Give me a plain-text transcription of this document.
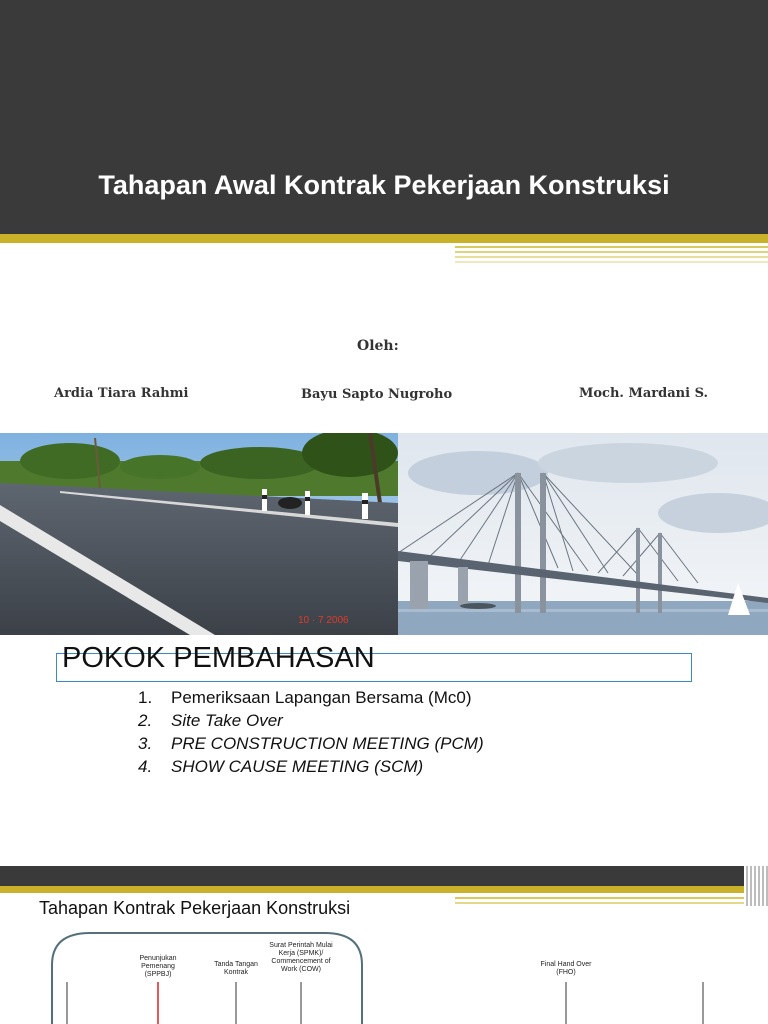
Tahapan Awal Kontrak Pekerjaan Konstruksi
Oleh:
Ardia Tiara Rahmi	Bayu Sapto Nugroho	Moch. Mardani S.
10 · 7 2006
POKOK PEMBAHASAN
1. Pemeriksaan Lapangan Bersama (Mc0)
2. Site Take Over
3. PRE CONSTRUCTION MEETING (PCM)
4. SHOW CAUSE MEETING (SCM)
Tahapan Kontrak Pekerjaan Konstruksi
Penunjukan Pemenang (SPPBJ)
Tanda Tangan Kontrak
Surat Perintah Mulai Kerja (SPMK)/ Commencement of Work (COW)
Final Hand Over (FHO)
